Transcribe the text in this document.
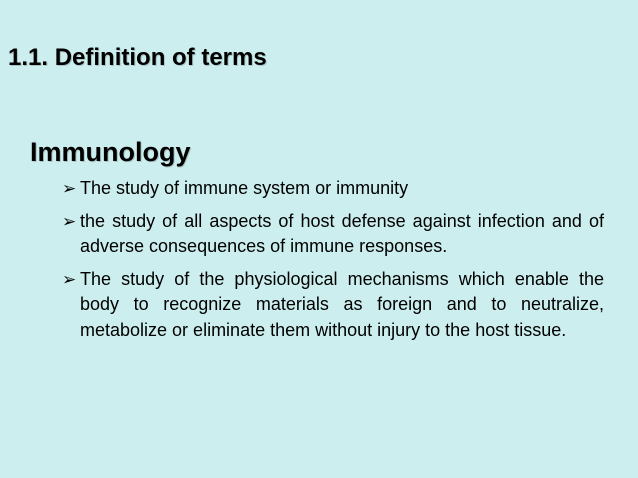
1.1. Definition of terms
Immunology
➢ The study of immune system or immunity
➢ the study of all aspects of host defense against infection and of adverse consequences of immune responses.
➢ The study of the physiological mechanisms which enable the body to recognize materials as foreign and to neutralize, metabolize or eliminate them without injury to the host tissue.
